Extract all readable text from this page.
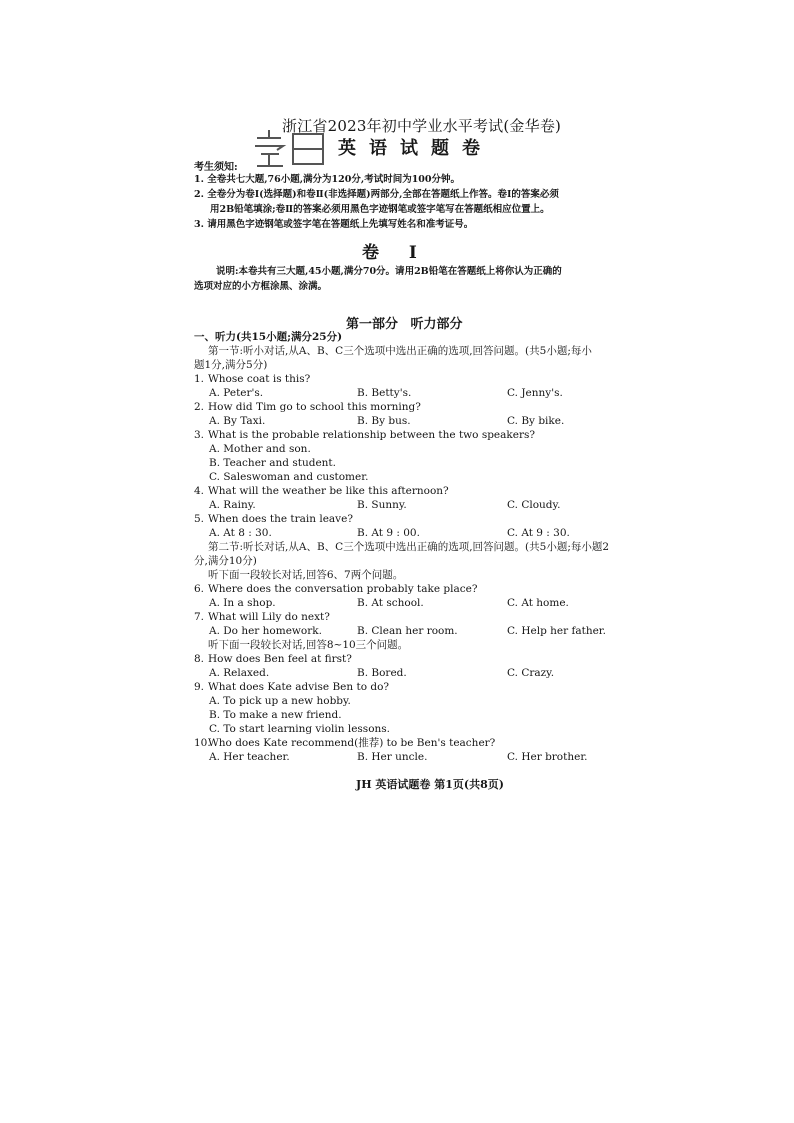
浙江省2023年初中学业水平考试(金华卷)
英语试题卷
考生须知:
1. 全卷共七大题,76小题,满分为120分,考试时间为100分钟。
2. 全卷分为卷Ⅰ(选择题)和卷Ⅱ(非选择题)两部分,全部在答题纸上作答。卷Ⅰ的答案必须
用2B铅笔填涂;卷Ⅱ的答案必须用黑色字迹钢笔或签字笔写在答题纸相应位置上。
3. 请用黑色字迹钢笔或签字笔在答题纸上先填写姓名和准考证号。
卷 Ⅰ
说明:本卷共有三大题,45小题,满分70分。请用2B铅笔在答题纸上将你认为正确的
选项对应的小方框涂黑、涂满。
第一部分 听力部分
一、听力(共15小题;满分25分)
第一节:听小对话,从A、B、C三个选项中选出正确的选项,回答问题。(共5小题;每小
题1分,满分5分)
1. Whose coat is this?
A. Peter's.	B. Betty's.	C. Jenny's.
2. How did Tim go to school this morning?
A. By Taxi.	B. By bus.	C. By bike.
3. What is the probable relationship between the two speakers?
A. Mother and son.
B. Teacher and student.
C. Saleswoman and customer.
4. What will the weather be like this afternoon?
A. Rainy.	B. Sunny.	C. Cloudy.
5. When does the train leave?
A. At 8 : 30.	B. At 9 : 00.	C. At 9 : 30.
第二节:听长对话,从A、B、C三个选项中选出正确的选项,回答问题。(共5小题;每小题2
分,满分10分)
听下面一段较长对话,回答6、7两个问题。
6. Where does the conversation probably take place?
A. In a shop.	B. At school.	C. At home.
7. What will Lily do next?
A. Do her homework.	B. Clean her room.	C. Help her father.
听下面一段较长对话,回答8~10三个问题。
8. How does Ben feel at first?
A. Relaxed.	B. Bored.	C. Crazy.
9. What does Kate advise Ben to do?
A. To pick up a new hobby.
B. To make a new friend.
C. To start learning violin lessons.
10.Who does Kate recommend(推荐) to be Ben's teacher?
A. Her teacher.	B. Her uncle.	C. Her brother.
JH 英语试题卷 第1页(共8页)
